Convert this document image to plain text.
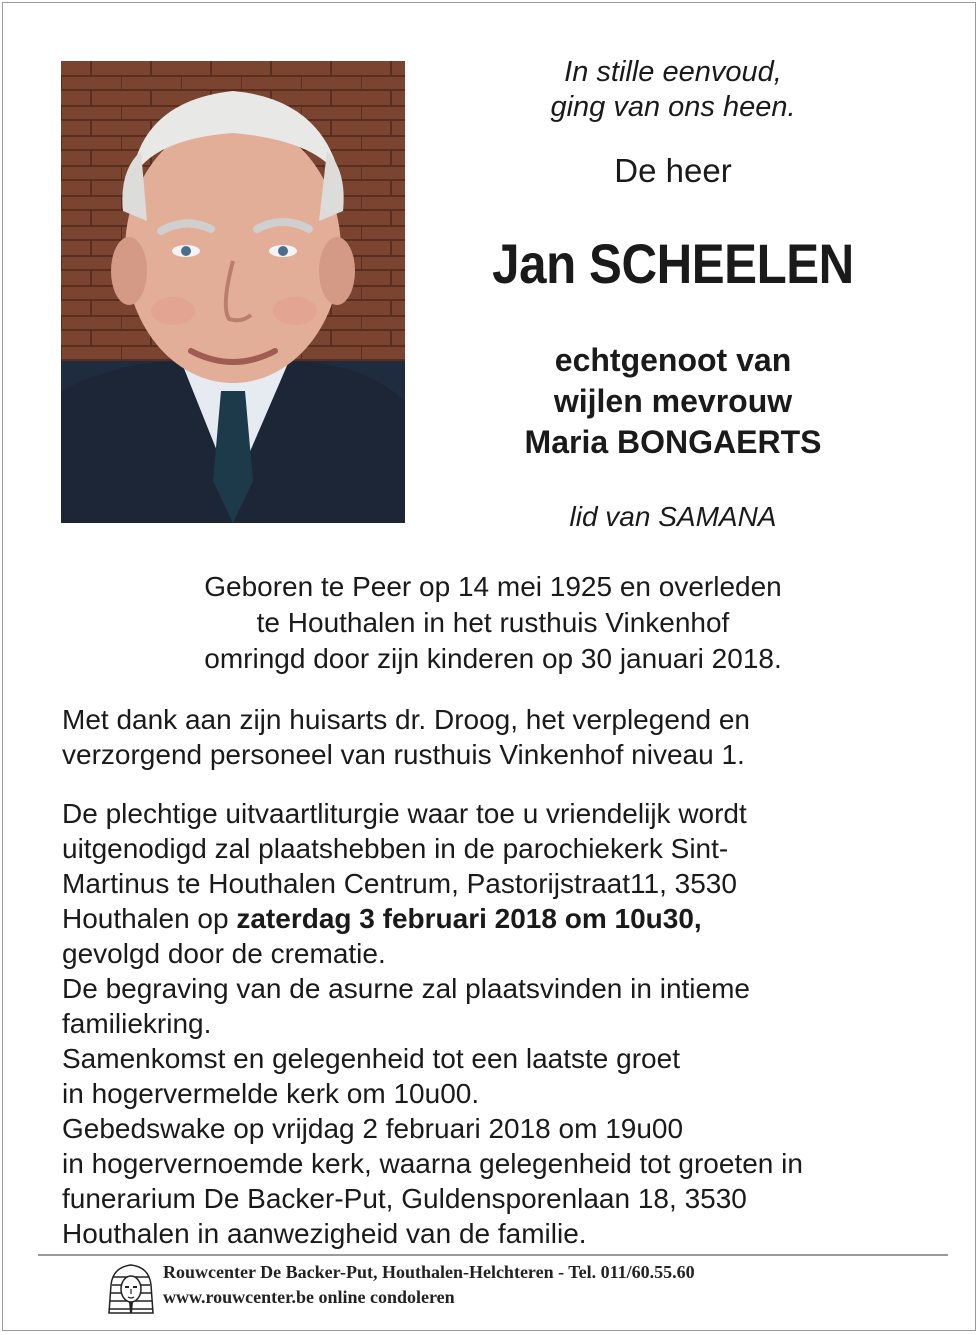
In stille eenvoud,
ging van ons heen.
De heer
Jan SCHEELEN
echtgenoot van
wijlen mevrouw
Maria BONGAERTS
lid van SAMANA
Geboren te Peer op 14 mei 1925 en overleden
te Houthalen in het rusthuis Vinkenhof
omringd door zijn kinderen op 30 januari 2018.
Met dank aan zijn huisarts dr. Droog, het verplegend en
verzorgend personeel van rusthuis Vinkenhof niveau 1.
De plechtige uitvaartliturgie waar toe u vriendelijk wordt
uitgenodigd zal plaatshebben in de parochiekerk Sint-
Martinus te Houthalen Centrum, Pastorijstraat11, 3530
Houthalen op zaterdag 3 februari 2018 om 10u30,
gevolgd door de crematie.
De begraving van de asurne zal plaatsvinden in intieme
familiekring.
Samenkomst en gelegenheid tot een laatste groet
in hogervermelde kerk om 10u00.
Gebedswake op vrijdag 2 februari 2018 om 19u00
in hogervernoemde kerk, waarna gelegenheid tot groeten in
funerarium De Backer-Put, Guldensporenlaan 18, 3530
Houthalen in aanwezigheid van de familie.
Rouwcenter De Backer-Put, Houthalen-Helchteren - Tel. 011/60.55.60
www.rouwcenter.be online condoleren
